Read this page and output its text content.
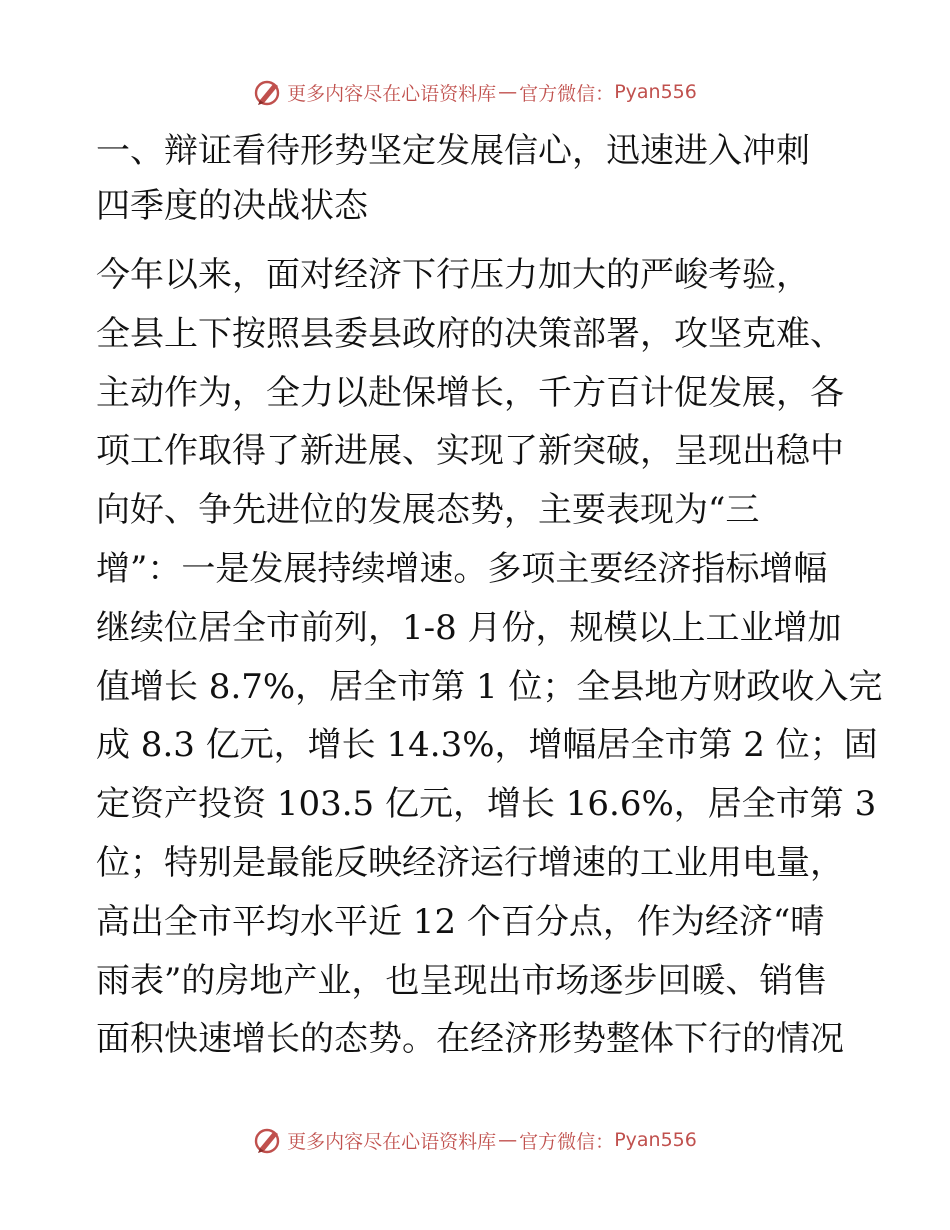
更多内容尽在心语资料库 — 官方微信： Pyan556
一、辩证看待形势坚定发展信心，迅速进入冲刺
四季度的决战状态

今年以来，面对经济下行压力加大的严峻考验，
全县上下按照县委县政府的决策部署，攻坚克难、
主动作为，全力以赴保增长，千方百计促发展，各
项工作取得了新进展、实现了新突破，呈现出稳中
向好、争先进位的发展态势，主要表现为“三
增”：一是发展持续增速。多项主要经济指标增幅
继续位居全市前列，1-8 月份，规模以上工业增加
值增长 8.7%，居全市第 1 位；全县地方财政收入完
成 8.3 亿元，增长 14.3%，增幅居全市第 2 位；固
定资产投资 103.5 亿元，增长 16.6%，居全市第 3
位；特别是最能反映经济运行增速的工业用电量，
高出全市平均水平近 12 个百分点，作为经济“晴
雨表”的房地产业，也呈现出市场逐步回暖、销售
面积快速增长的态势。在经济形势整体下行的情况

更多内容尽在心语资料库 — 官方微信： Pyan556
